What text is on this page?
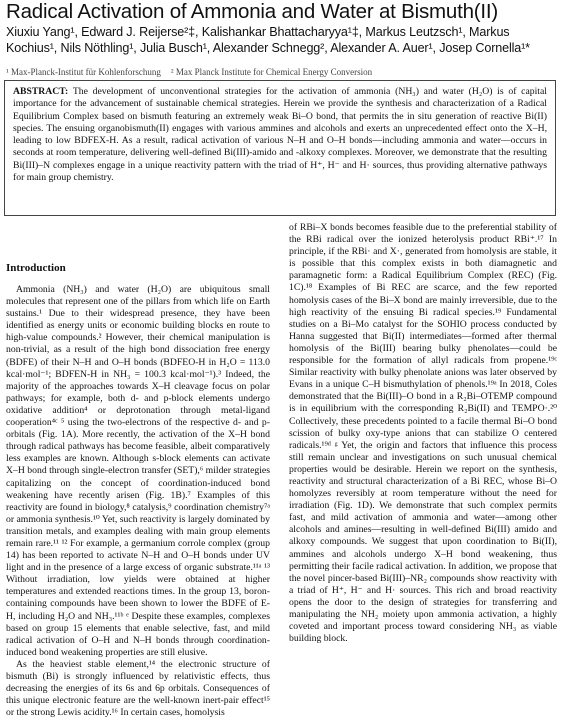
Radical Activation of Ammonia and Water at Bismuth(II)
Xiuxiu Yang¹, Edward J. Reijerse²‡, Kalishankar Bhattacharyya¹‡, Markus Leutzsch¹, Markus Kochius¹, Nils Nöthling¹, Julia Busch¹, Alexander Schnegg², Alexander A. Auer¹, Josep Cornella¹*
¹ Max-Planck-Institut für Kohlenforschung ² Max Planck Institute for Chemical Energy Conversion
ABSTRACT: The development of unconventional strategies for the activation of ammonia (NH₃) and water (H₂O) is of capital importance for the advancement of sustainable chemical strategies. Herein we provide the synthesis and characterization of a Radical Equilibrium Complex based on bismuth featuring an extremely weak Bi–O bond, that permits the in situ generation of reactive Bi(II) species. The ensuing organobismuth(II) engages with various ammines and alcohols and exerts an unprecedented effect onto the X–H, leading to low BDFEX-H. As a result, radical activation of various N–H and O–H bonds—including ammonia and water—occurs in seconds at room temperature, delivering well-defined Bi(III)-amido and -alkoxy complexes. Moreover, we demonstrate that the resulting Bi(III)–N complexes engage in a unique reactivity pattern with the triad of H⁺, H⁻ and H· sources, thus providing alternative pathways for main group chemistry.
Introduction

Ammonia (NH₃) and water (H₂O) are ubiquitous small molecules that represent one of the pillars from which life on Earth sustains.¹ Due to their widespread presence, they have been identified as energy units or economic building blocks en route to high-value compounds.² However, their chemical manipulation is non-trivial, as a result of the high bond dissociation free energy (BDFE) of their N–H and O–H bonds (BDFEO-H in H₂O = 113.0 kcal·mol⁻¹; BDFEN-H in NH₃ = 100.3 kcal·mol⁻¹).³ Indeed, the majority of the approaches towards X–H cleavage focus on polar pathways; for example, both d- and p-block elements undergo oxidative addition⁴ or deprotonation through metal-ligand cooperation⁴ᶜ ⁵ using the two-electrons of the respective d- and p-orbitals (Fig. 1A). More recently, the activation of the X–H bond through radical pathways has become feasible, albeit comparatively less examples are known. Although s-block elements can activate X–H bond through single-electron transfer (SET),⁶ milder strategies capitalizing on the concept of coordination-induced bond weakening have recently arisen (Fig. 1B).⁷ Examples of this reactivity are found in biology,⁸ catalysis,⁹ coordination chemistry⁷ᵃ or ammonia synthesis.¹⁰ Yet, such reactivity is largely dominated by transition metals, and examples dealing with main group elements remain rare.¹¹ ¹² For example, a germanium corrole complex (group 14) has been reported to activate N–H and O–H bonds under UV light and in the presence of a large excess of organic substrate.¹¹ᵃ ¹³ Without irradiation, low yields were obtained at higher temperatures and extended reactions times. In the group 13, boron-containing compounds have been shown to lower the BDFE of E-H, including H₂O and NH₃.¹¹ᵇ ᵉ Despite these examples, complexes based on group 15 elements that enable selective, fast, and mild radical activation of O–H and N–H bonds through coordination-induced bond weakening properties are still elusive.

As the heaviest stable element,¹⁴ the electronic structure of bismuth (Bi) is strongly influenced by relativistic effects, thus decreasing the energies of its 6s and 6p orbitals. Consequences of this unique electronic feature are the well-known inert-pair effect¹⁵ or the strong Lewis acidity.¹⁶ In certain cases, homolysis

of RBi–X bonds becomes feasible due to the preferential stability of the RBi radical over the ionized heterolysis product RBi⁺.¹⁷ In principle, if the RBi· and X·, generated from homolysis are stable, it is possible that this complex exists in both diamagnetic and paramagnetic form: a Radical Equilibrium Complex (REC) (Fig. 1C).¹⁸ Examples of Bi REC are scarce, and the few reported homolysis cases of the Bi–X bond are mainly irreversible, due to the high reactivity of the ensuing Bi radical species.¹⁹ Fundamental studies on a Bi–Mo catalyst for the SOHIO process conducted by Hanna suggested that Bi(II) intermediates—formed after thermal homolysis of the Bi(III) bearing bulky phenolates—could be responsible for the formation of allyl radicals from propene.¹⁹ᶜ Similar reactivity with bulky phenolate anions was later observed by Evans in a unique C–H bismuthylation of phenols.¹⁹ᵃ In 2018, Coles demonstrated that the Bi(III)–O bond in a R₂Bi–OTEMP compound is in equilibrium with the corresponding R₂Bi(II) and TEMPO·.²⁰ Collectively, these precedents pointed to a facile thermal Bi–O bond scission of bulky oxy-type anions that can stabilize O centered radicals.¹⁹ᵈ ᵍ Yet, the origin and factors that influence this process still remain unclear and investigations on such unusual chemical properties would be desirable. Herein we report on the synthesis, reactivity and structural characterization of a Bi REC, whose Bi–O homolyzes reversibly at room temperature without the need for irradiation (Fig. 1D). We demonstrate that such complex permits fast, and mild activation of ammonia and water—among other alcohols and amines—resulting in well-defined Bi(III) amido and alkoxy compounds. We suggest that upon coordination to Bi(II), ammines and alcohols undergo X–H bond weakening, thus permitting their facile radical activation. In addition, we propose that the novel pincer-based Bi(III)–NR₂ compounds show reactivity with a triad of H⁺, H⁻ and H· sources. This rich and broad reactivity opens the door to the design of strategies for transferring and manipulating the NH₂ moiety upon ammonia activation, a highly coveted and important process toward considering NH₃ as viable building block.
